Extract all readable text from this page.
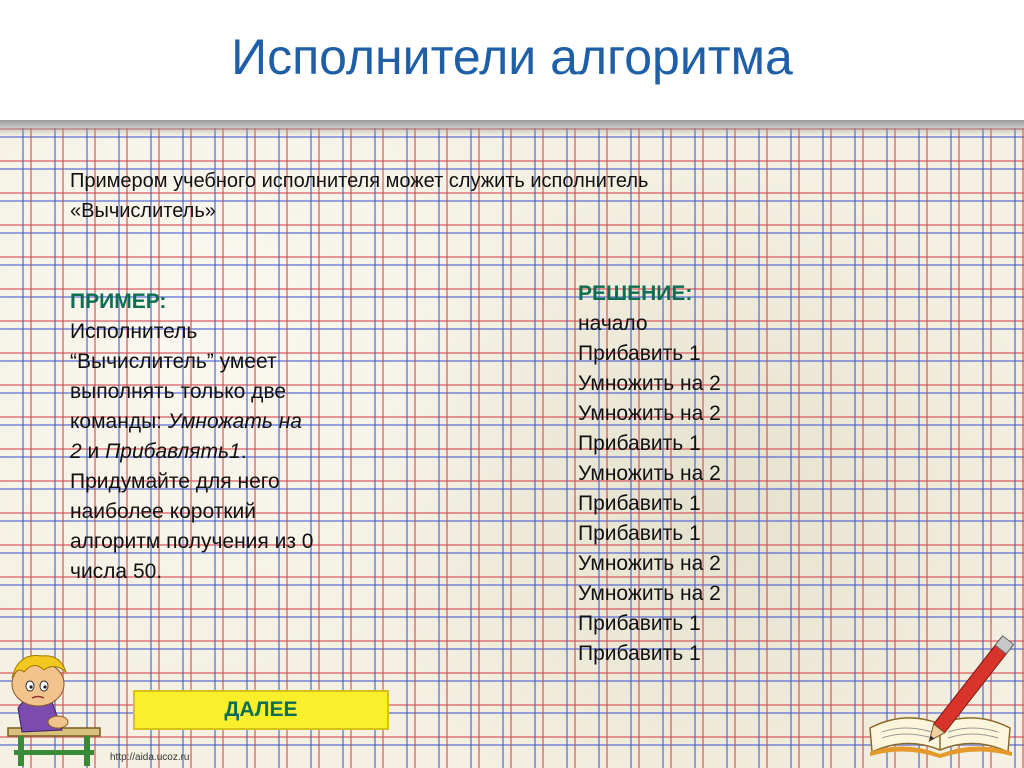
Исполнители алгоритма
Примером учебного исполнителя может служить исполнитель
«Вычислитель»
ПРИМЕР:
Исполнитель
“Вычислитель” умеет
выполнять только две
команды: Умножать на
2 и Прибавлять1.
Придумайте для него
наиболее короткий
алгоритм получения из 0
числа 50.
РЕШЕНИЕ:
начало
Прибавить 1
Умножить на 2
Умножить на 2
Прибавить 1
Умножить на 2
Прибавить 1
Прибавить 1
Умножить на 2
Умножить на 2
Прибавить 1
Прибавить 1
ДАЛЕЕ
http://aida.ucoz.ru
